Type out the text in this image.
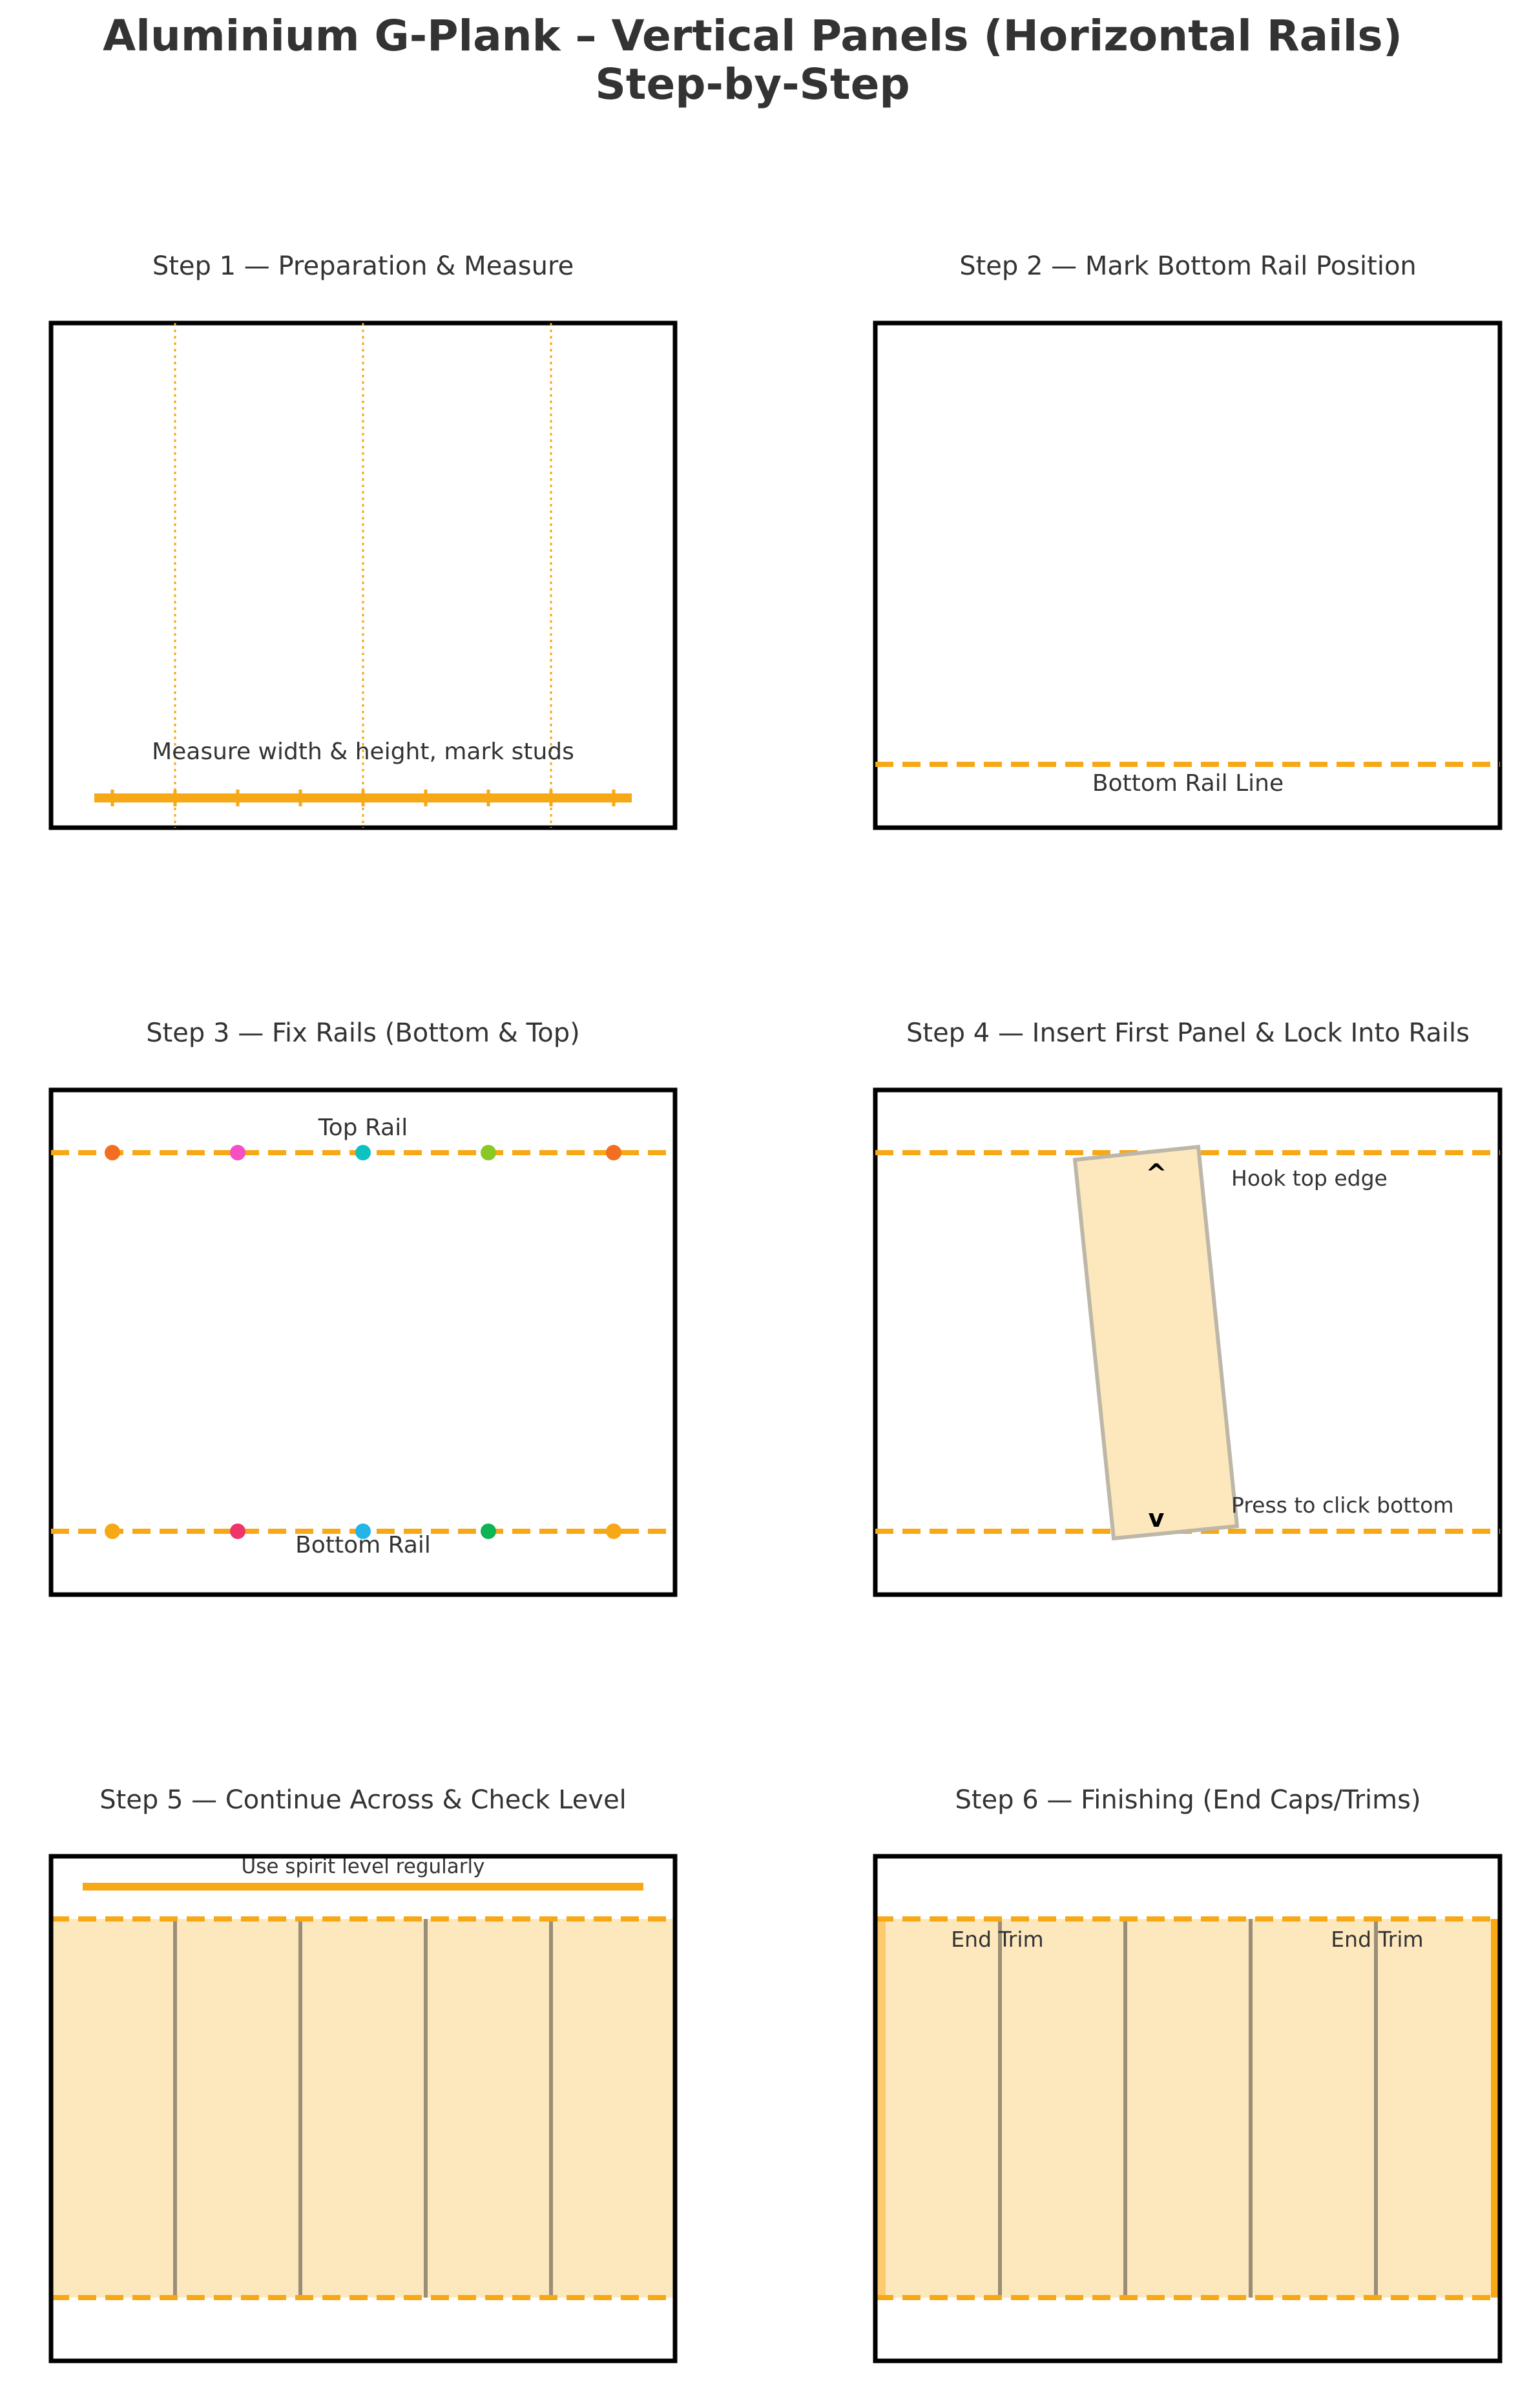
Aluminium G-Plank – Vertical Panels (Horizontal Rails)
Step-by-Step
Step 1 — Preparation & Measure
Measure width & height, mark studs
Step 2 — Mark Bottom Rail Position
Bottom Rail Line
Step 3 — Fix Rails (Bottom & Top)
Top Rail
Bottom Rail
Step 4 — Insert First Panel & Lock Into Rails
^
v
Hook top edge
Press to click bottom
Step 5 — Continue Across & Check Level
Use spirit level regularly
Step 6 — Finishing (End Caps/Trims)
End Trim	End Trim
